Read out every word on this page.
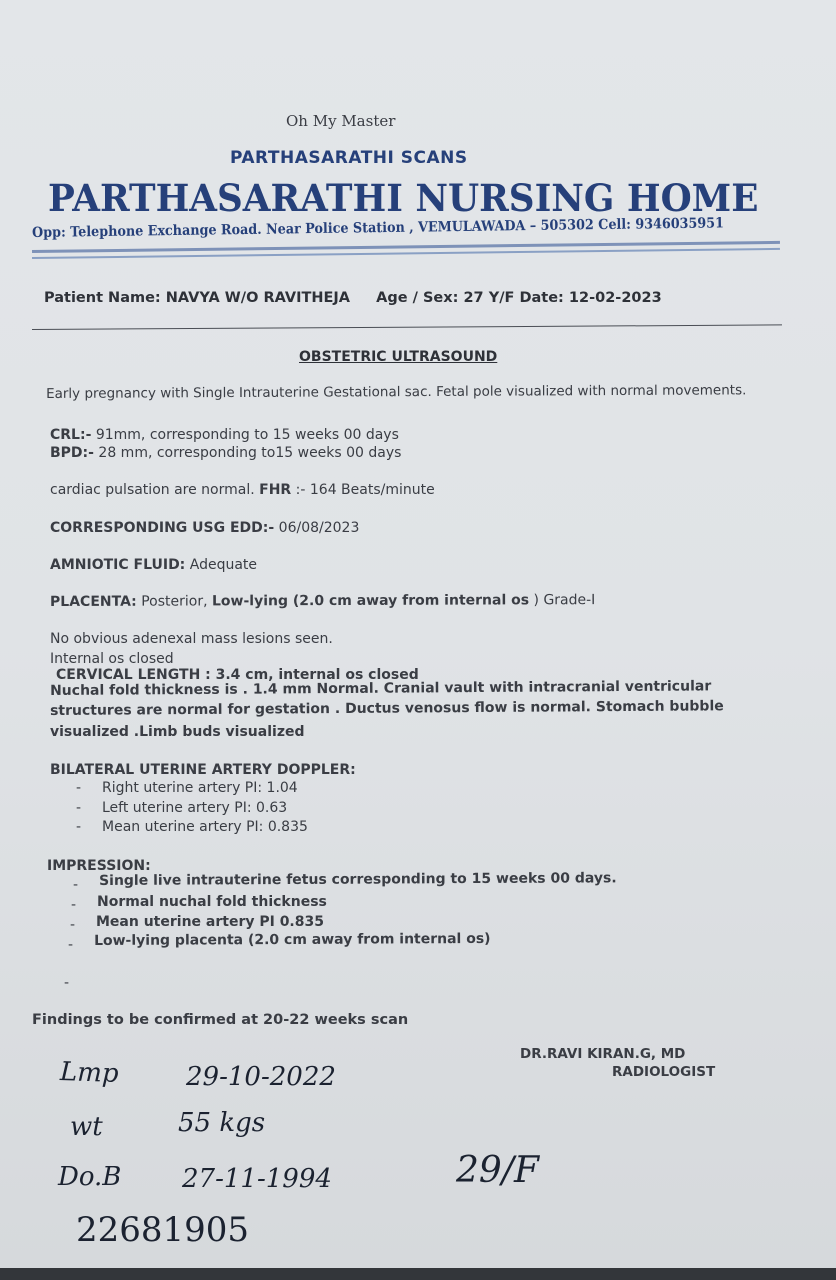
Oh My Master
PARTHASARATHI SCANS
PARTHASARATHI NURSING HOME
Opp: Telephone Exchange Road. Near Police Station , VEMULAWADA – 505302 Cell: 9346035951
Patient Name: NAVYA W/O RAVITHEJA Age / Sex: 27 Y/F Date: 12-02-2023
OBSTETRIC ULTRASOUND
Early pregnancy with Single Intrauterine Gestational sac. Fetal pole visualized with normal movements.
CRL:- 91mm, corresponding to 15 weeks 00 days
BPD:- 28 mm, corresponding to15 weeks 00 days
cardiac pulsation are normal. FHR :- 164 Beats/minute
CORRESPONDING USG EDD:- 06/08/2023
AMNIOTIC FLUID: Adequate
PLACENTA: Posterior, Low-lying (2.0 cm away from internal os ) Grade-I
No obvious adenexal mass lesions seen.
Internal os closed
CERVICAL LENGTH : 3.4 cm, internal os closed
Nuchal fold thickness is . 1.4 mm Normal. Cranial vault with intracranial ventricular
structures are normal for gestation . Ductus venosus flow is normal. Stomach bubble
visualized .Limb buds visualized
BILATERAL UTERINE ARTERY DOPPLER:
- Right uterine artery PI: 1.04
- Left uterine artery PI: 0.63
- Mean uterine artery PI: 0.835
IMPRESSION:
- Single live intrauterine fetus corresponding to 15 weeks 00 days.
- Normal nuchal fold thickness
- Mean uterine artery PI 0.835
- Low-lying placenta (2.0 cm away from internal os)
-
Findings to be confirmed at 20-22 weeks scan
DR.RAVI KIRAN.G, MD
RADIOLOGIST
Lmp	29-10-2022
wt	55 kgs
Do.B 27-11-1994	29/F
22681905
